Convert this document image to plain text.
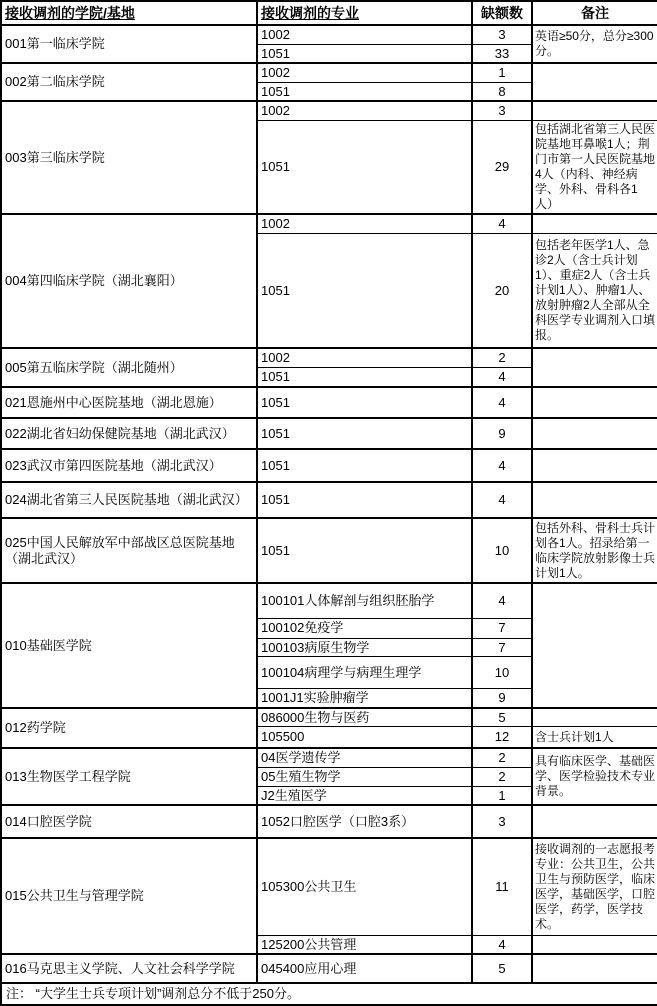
接收调剂的学院/基地	接收调剂的专业	缺额数	备注
001第一临床学院	1002	3	英语≥50分，总分≥300分。
	1051	33	
002第二临床学院	1002	1	
	1051	8	
003第三临床学院	1002	3	
	1051	29	包括湖北省第三人民医院基地耳鼻喉1人；荆门市第一人民医院基地4人（内科、神经病学、外科、骨科各1人）
004第四临床学院（湖北襄阳）	1002	4	
	1051	20	包括老年医学1人、急诊2人（含士兵计划1）、重症2人（含士兵计划1人）、肿瘤1人、放射肿瘤2人全部从全科医学专业调剂入口填报。
005第五临床学院（湖北随州）	1002	2	
	1051	4	
021恩施州中心医院基地（湖北恩施）	1051	4	
022湖北省妇幼保健院基地（湖北武汉）	1051	9	
023武汉市第四医院基地（湖北武汉）	1051	4	
024湖北省第三人民医院基地（湖北武汉）	1051	4	
025中国人民解放军中部战区总医院基地（湖北武汉）	1051	10	包括外科、骨科士兵计划各1人。招录给第一临床学院放射影像士兵计划1人。
010基础医学院	100101人体解剖与组织胚胎学	4	
	100102免疫学	7	
	100103病原生物学	7	
	100104病理学与病理生理学	10	
	1001J1实验肿瘤学	9	
012药学院	086000生物与医药	5	
	105500	12	含士兵计划1人
013生物医学工程学院	04医学遗传学	2	具有临床医学、基础医学、医学检验技术专业背景。
	05生殖生物学	2	
	J2生殖医学	1	
014口腔医学院	1052口腔医学（口腔3系）	3	
015公共卫生与管理学院	105300公共卫生	11	接收调剂的一志愿报考专业：公共卫生，公共卫生与预防医学，临床医学，基础医学，口腔医学，药学，医学技术。
	125200公共管理	4	
016马克思主义学院、人文社会科学学院	045400应用心理	5	
注： “大学生士兵专项计划”调剂总分不低于250分。			
